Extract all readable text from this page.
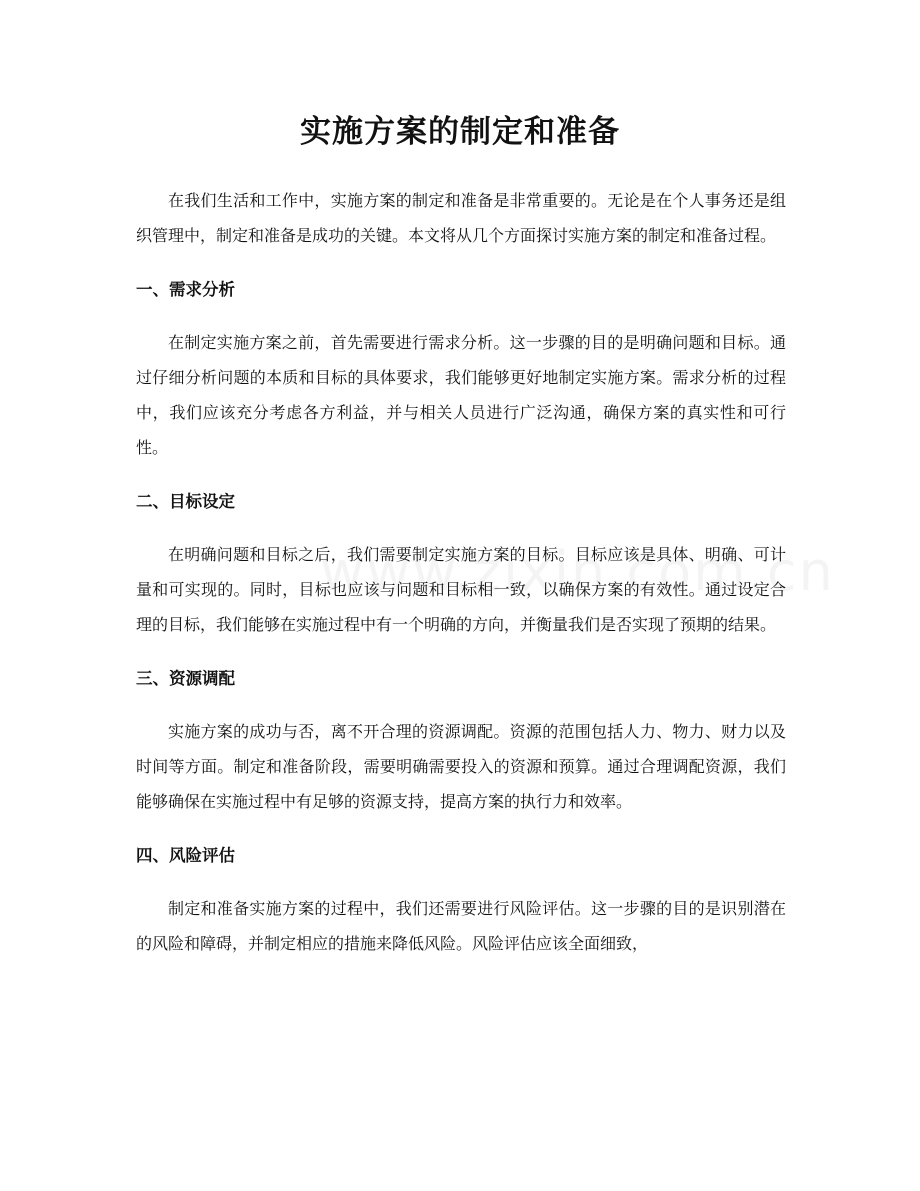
实施方案的制定和准备

在我们生活和工作中，实施方案的制定和准备是非常重要的。无论是在个人事务还是组织管理中，制定和准备是成功的关键。本文将从几个方面探讨实施方案的制定和准备过程。

一、需求分析

在制定实施方案之前，首先需要进行需求分析。这一步骤的目的是明确问题和目标。通过仔细分析问题的本质和目标的具体要求，我们能够更好地制定实施方案。需求分析的过程中，我们应该充分考虑各方利益，并与相关人员进行广泛沟通，确保方案的真实性和可行性。

二、目标设定

在明确问题和目标之后，我们需要制定实施方案的目标。目标应该是具体、明确、可计量和可实现的。同时，目标也应该与问题和目标相一致，以确保方案的有效性。通过设定合理的目标，我们能够在实施过程中有一个明确的方向，并衡量我们是否实现了预期的结果。

三、资源调配

实施方案的成功与否，离不开合理的资源调配。资源的范围包括人力、物力、财力以及时间等方面。制定和准备阶段，需要明确需要投入的资源和预算。通过合理调配资源，我们能够确保在实施过程中有足够的资源支持，提高方案的执行力和效率。

四、风险评估

制定和准备实施方案的过程中，我们还需要进行风险评估。这一步骤的目的是识别潜在的风险和障碍，并制定相应的措施来降低风险。风险评估应该全面细致，
